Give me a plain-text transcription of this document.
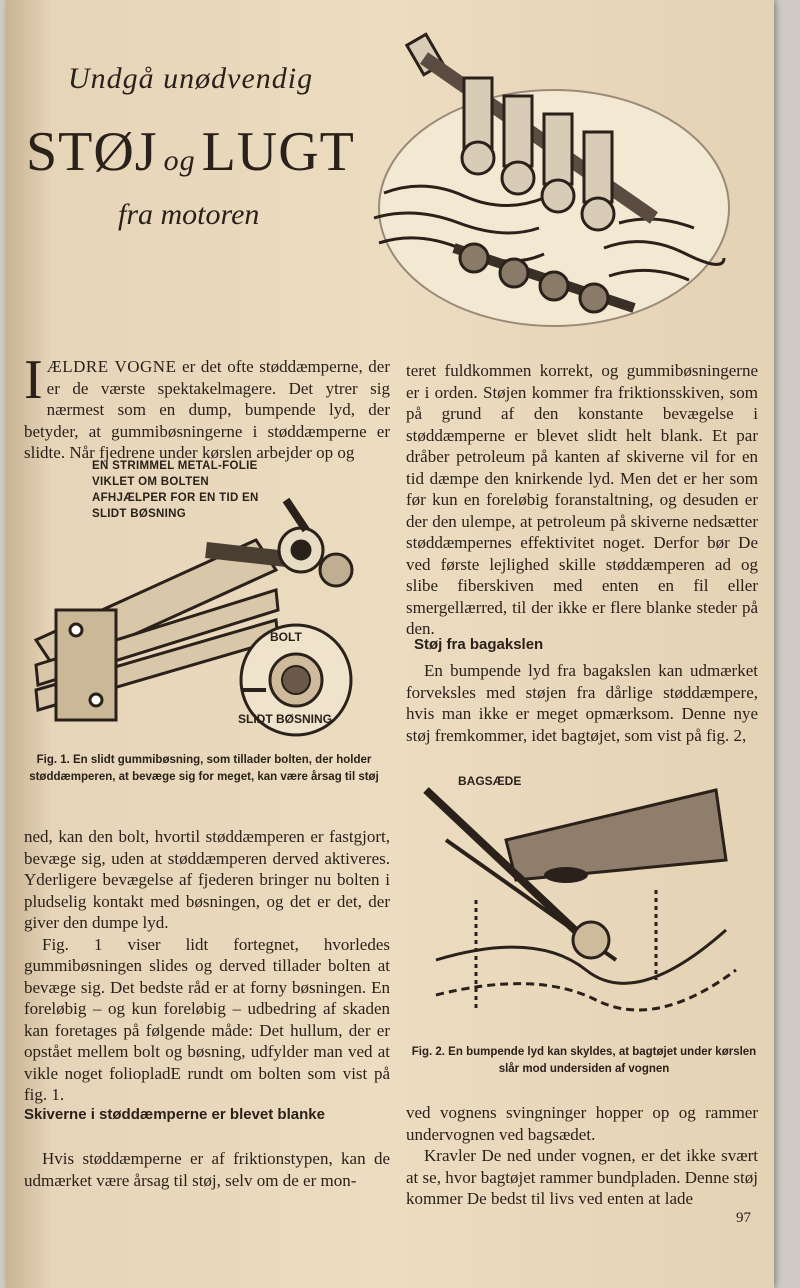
Undgå unødvendig
STØJ og LUGT
fra motoren
IÆLDRE VOGNE er det ofte støddæmperne, der er de værste spektakelmagere. Det ytrer sig nærmest som en dump, bumpende lyd, der betyder, at gummibøsningerne i støddæmperne er slidte. Når fjedrene under kørslen arbejder op og
EN STRIMMEL METAL-FOLIE VIKLET OM BOLTEN AFHJÆLPER FOR EN TID EN SLIDT BØSNING
BOLT
SLIDT BØSNING
Fig. 1. En slidt gummibøsning, som tillader bolten, der holder støddæmperen, at bevæge sig for meget, kan være årsag til støj

ned, kan den bolt, hvortil støddæmperen er fastgjort, bevæge sig, uden at støddæmperen derved aktiveres. Yderligere bevægelse af fjederen bringer nu bolten i pludselig kontakt med bøsningen, og det er det, der giver den dumpe lyd.

Fig. 1 viser lidt fortegnet, hvorledes gummibøsningen slides og derved tillader bolten at bevæge sig. Det bedste råd er at forny bøsningen. En foreløbig – og kun foreløbig – udbedring af skaden kan foretages på følgende måde: Det hullum, der er opstået mellem bolt og bøsning, udfylder man ved at vikle noget foliopladE rundt om bolten som vist på fig. 1.

Skiverne i støddæmperne er blevet blanke
Hvis støddæmperne er af friktionstypen, kan de udmærket være årsag til støj, selv om de er mon-
teret fuldkommen korrekt, og gummibøsningerne er i orden. Støjen kommer fra friktionsskiven, som på grund af den konstante bevægelse i støddæmperne er blevet slidt helt blank. Et par dråber petroleum på kanten af skiverne vil for en tid dæmpe den knirkende lyd. Men det er her som før kun en foreløbig foranstaltning, og desuden er der den ulempe, at petroleum på skiverne nedsætter støddæmpernes effektivitet noget. Derfor bør De ved første lejlighed skille støddæmperen ad og slibe fiberskiven med enten en fil eller smergellærred, til der ikke er flere blanke steder på den.
Støj fra bagakslen
En bumpende lyd fra bagakslen kan udmærket forveksles med støjen fra dårlige støddæmpere, hvis man ikke er meget opmærksom. Denne nye støj fremkommer, idet bagtøjet, som vist på fig. 2,
BAGSÆDE
Fig. 2. En bumpende lyd kan skyldes, at bagtøjet under kørslen slår mod undersiden af vognen

ved vognens svingninger hopper op og rammer undervognen ved bagsædet.

Kravler De ned under vognen, er det ikke svært at se, hvor bagtøjet rammer bundpladen. Denne støj kommer De bedst til livs ved enten at lade

97
